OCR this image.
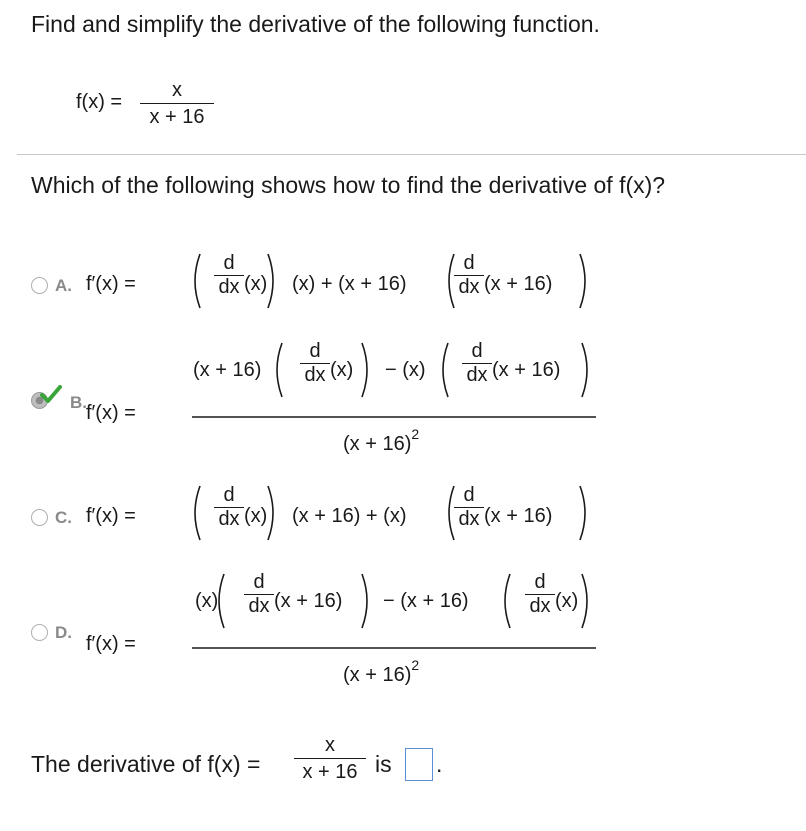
Find and simplify the derivative of the following function.
f(x) =
x
x + 16
Which of the following shows how to find the derivative of f(x)?
A. f′(x) =
d
dx (x) (x) + (x + 16)
d
dx (x + 16)
B. f′(x) =
(x + 16)
d
dx (x) − (x)
d
dx (x + 16)
$(x + 16)^2$
C. f′(x) =
d
dx (x) (x + 16) + (x)
d
dx (x + 16)
D.
f′(x) =
(x)
d
dx (x + 16) − (x + 16)
d
dx (x)
$(x + 16)^2$
The derivative of f(x) =
x
x + 16 is .
